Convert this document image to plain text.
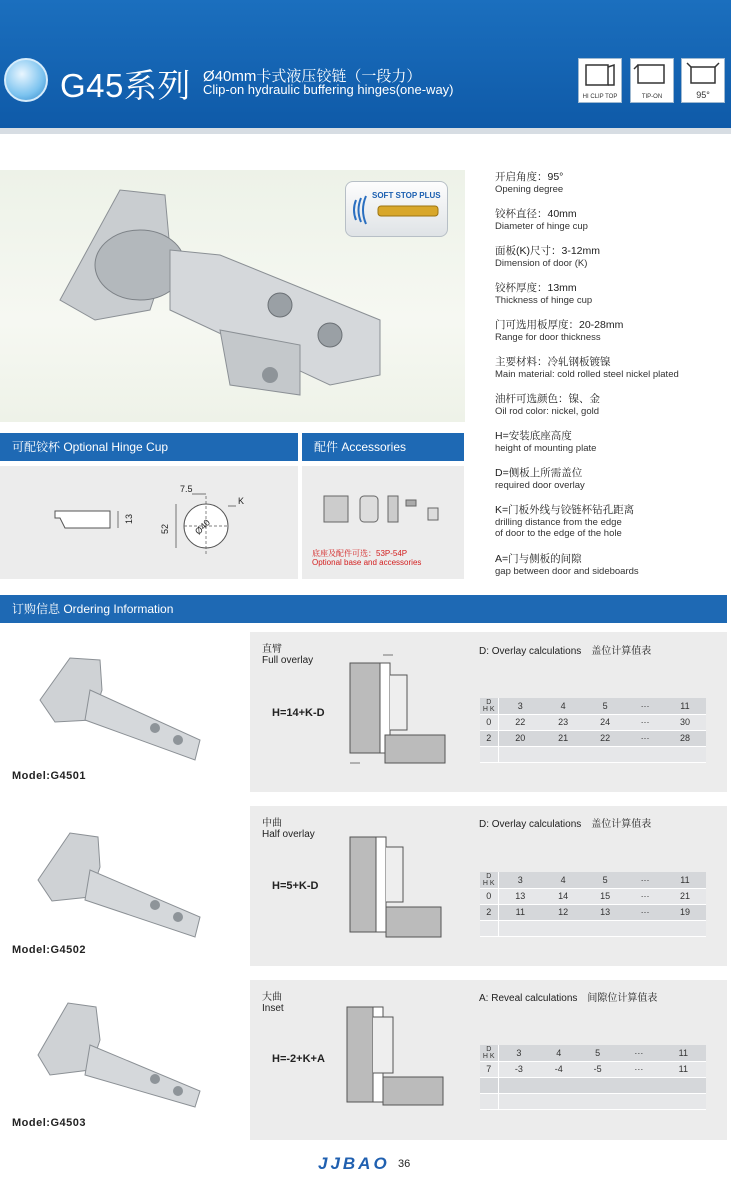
G45系列 Ø40mm卡式液压铰链（一段力）
Clip-on hydraulic buffering hinges(one-way)	HI CLIP TOP	TIP-ON	95°
SOFT STOP PLUS
开启角度：95°
Opening degree
铰杯直径：40mm
Diameter of hinge cup
面板(K)尺寸：3-12mm
Dimension of door (K)
铰杯厚度：13mm
Thickness of hinge cup
门可选用板厚度：20-28mm
Range for door thickness
主要材料：冷轧钢板镀镍
Main material: cold rolled steel nickel plated
油杆可选颜色：镍、金
Oil rod color: nickel, gold
H=安装底座高度
height of mounting plate
D=侧板上所需盖位
required door overlay
K=门板外线与铰链杯钻孔距离
drilling distance from the edge
of door to the edge of the hole
A=门与侧板的间隙
gap between door and sideboards
可配铰杯 Optional Hinge Cup	配件 Accessories
13
7.5
K
52	Ø40
底座及配件可选：53P-54P
Optional base and accessories
订购信息 Ordering Information
Model:G4501
直臂
Full overlay
H=14+K-D
D: Overlay calculations　盖位计算值表
D
H K	3	4	5	···	11
0	22	23	24	···	30
2	20	21	22	···	28

Model:G4502
中曲
Half overlay
H=5+K-D
D: Overlay calculations　盖位计算值表
D
H K	3	4	5	···	11
0	13	14	15	···	21
2	11	12	13	···	19

Model:G4503
大曲
Inset
H=-2+K+A
A: Reveal calculations　间隙位计算值表
D
H K	3	4	5	···	11
7	-3	-4	-5	···	11

JJBAO 36
